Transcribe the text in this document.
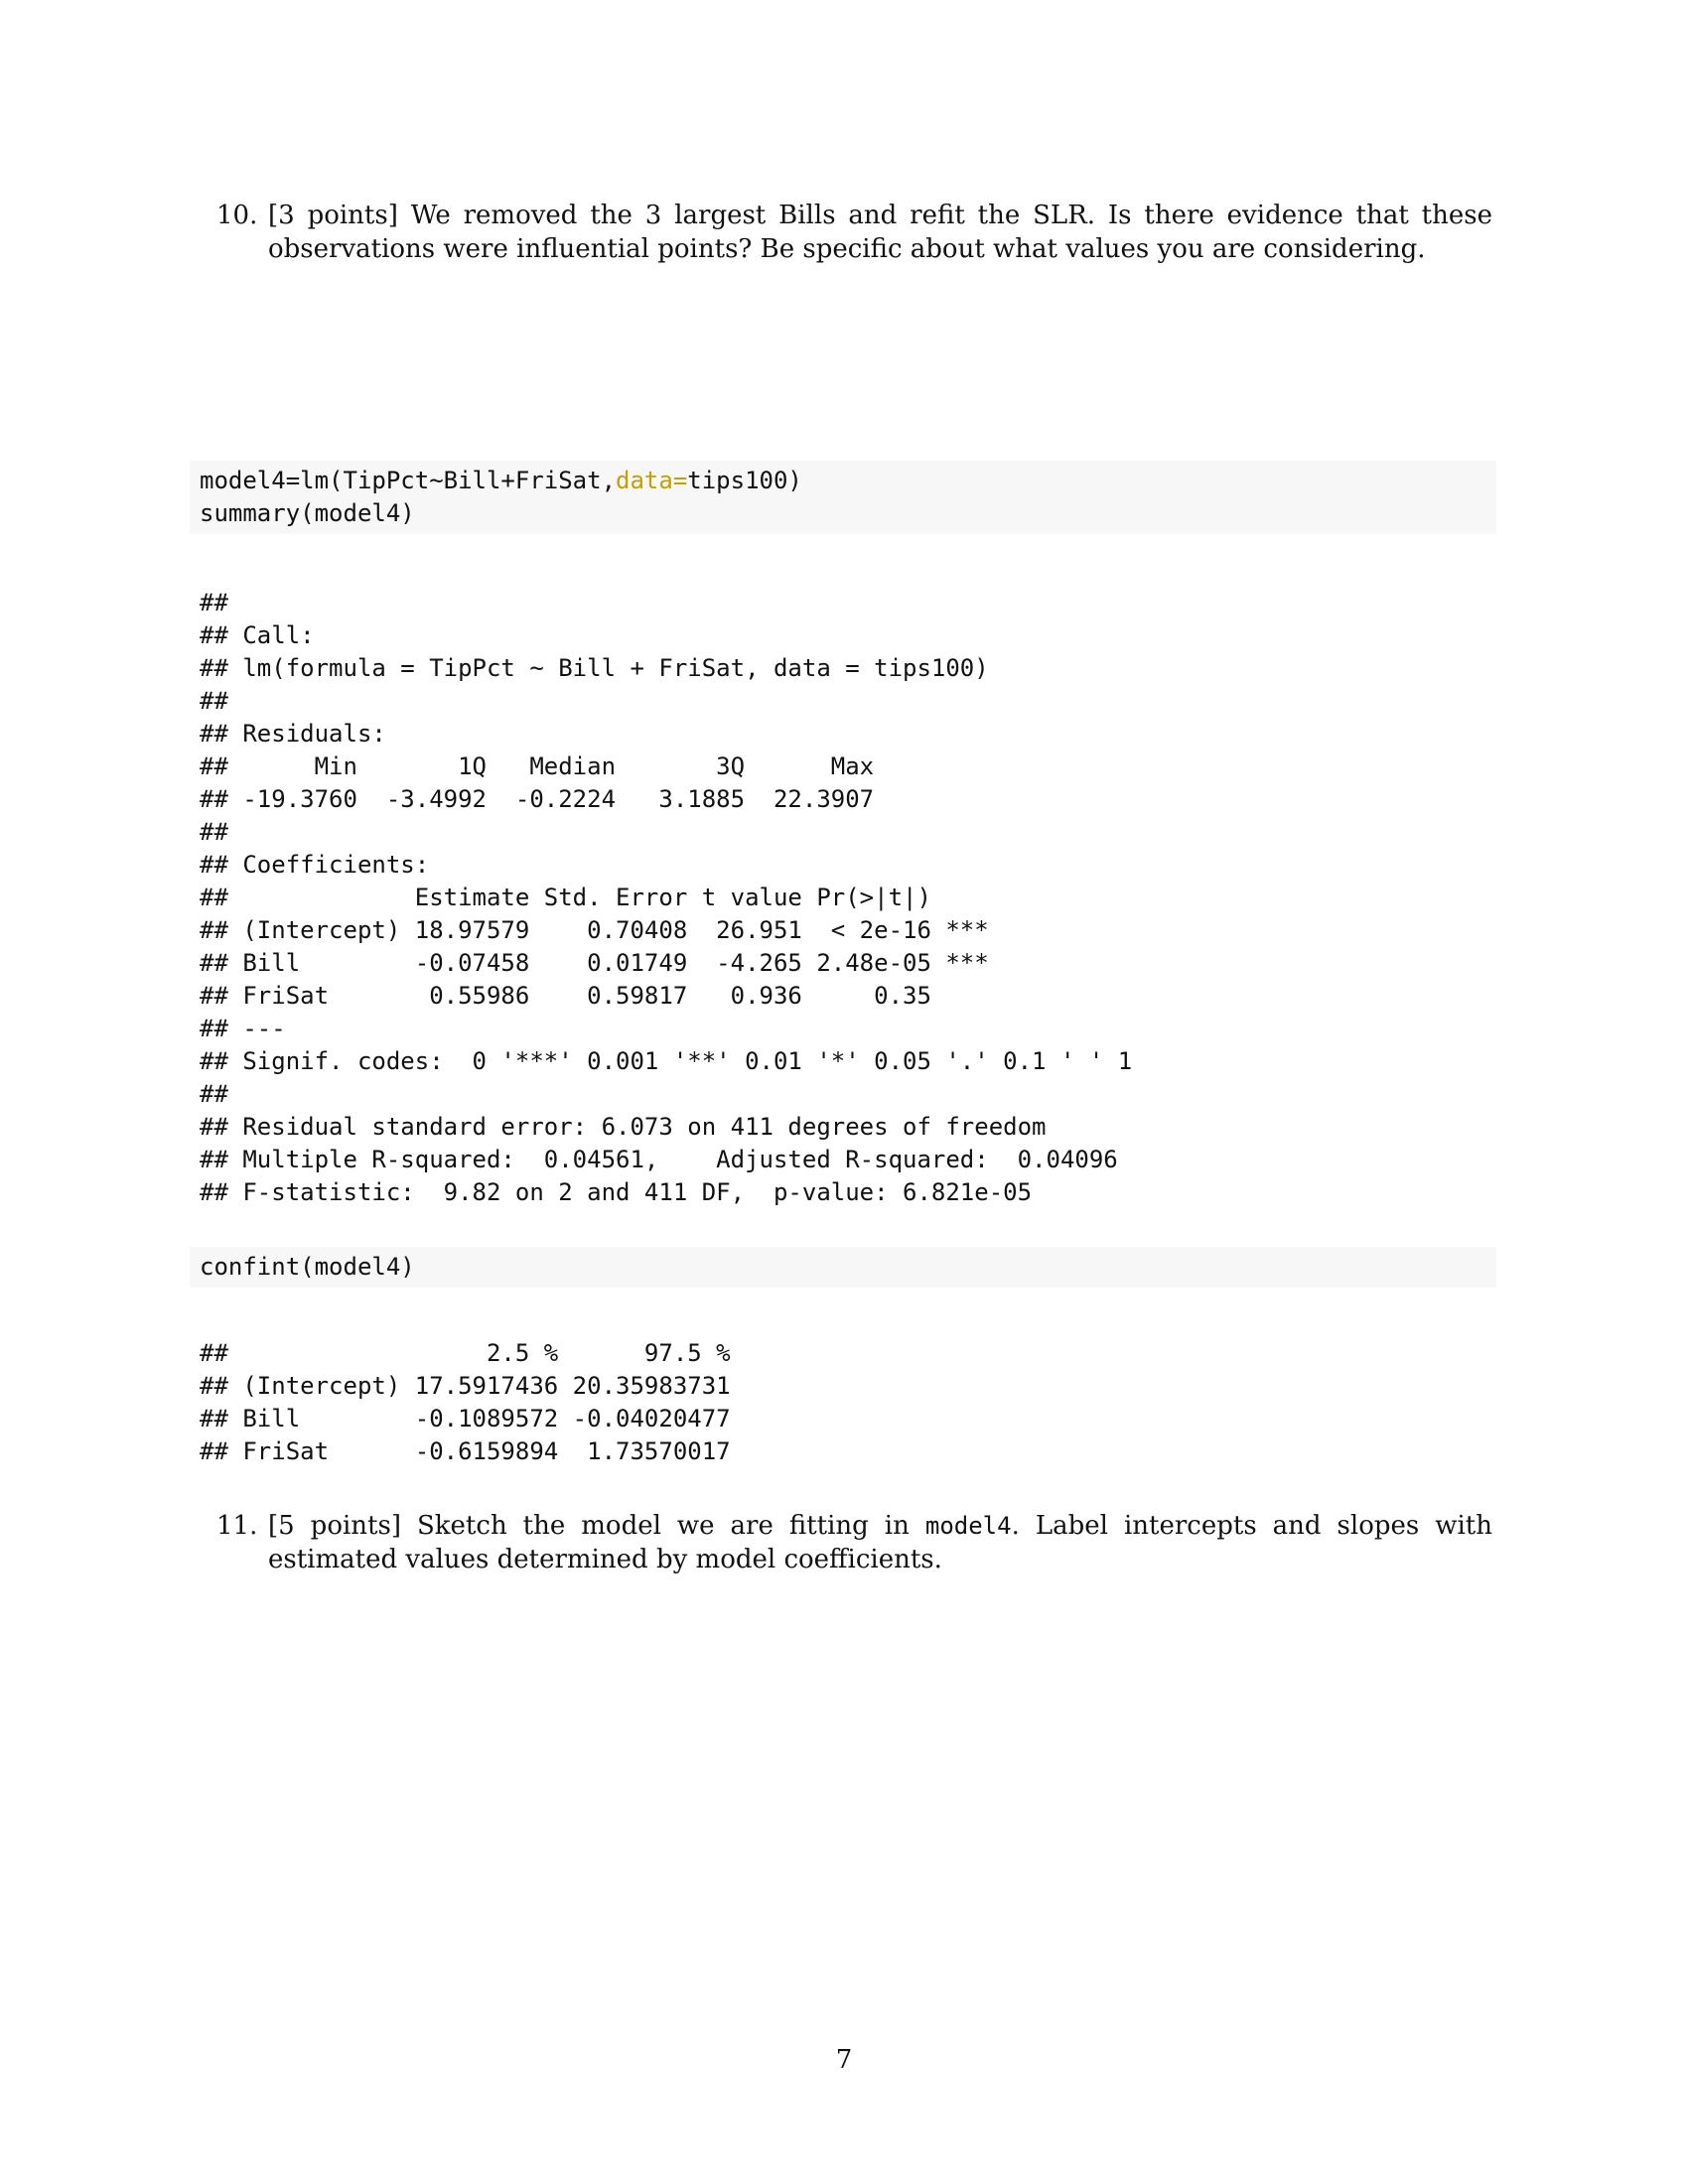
10. [3 points] We removed the 3 largest Bills and refit the SLR. Is there evidence that these observations were influential points? Be specific about what values you are considering.
model4=lm(TipPct~Bill+FriSat,data=tips100)
summary(model4)
##
## Call:
## lm(formula = TipPct ~ Bill + FriSat, data = tips100)
##
## Residuals:
##      Min       1Q   Median       3Q      Max
## -19.3760  -3.4992  -0.2224   3.1885  22.3907
##
## Coefficients:
##             Estimate Std. Error t value Pr(>|t|)
## (Intercept) 18.97579    0.70408  26.951  < 2e-16 ***
## Bill        -0.07458    0.01749  -4.265 2.48e-05 ***
## FriSat       0.55986    0.59817   0.936     0.35
## ---
## Signif. codes:  0 '***' 0.001 '**' 0.01 '*' 0.05 '.' 0.1 ' ' 1
##
## Residual standard error: 6.073 on 411 degrees of freedom
## Multiple R-squared:  0.04561,    Adjusted R-squared:  0.04096
## F-statistic:  9.82 on 2 and 411 DF,  p-value: 6.821e-05
confint(model4)
##                  2.5 %      97.5 %
## (Intercept) 17.5917436 20.35983731
## Bill        -0.1089572 -0.04020477
## FriSat      -0.6159894  1.73570017
11. [5 points] Sketch the model we are fitting in model4. Label intercepts and slopes with estimated values determined by model coefficients.
7
